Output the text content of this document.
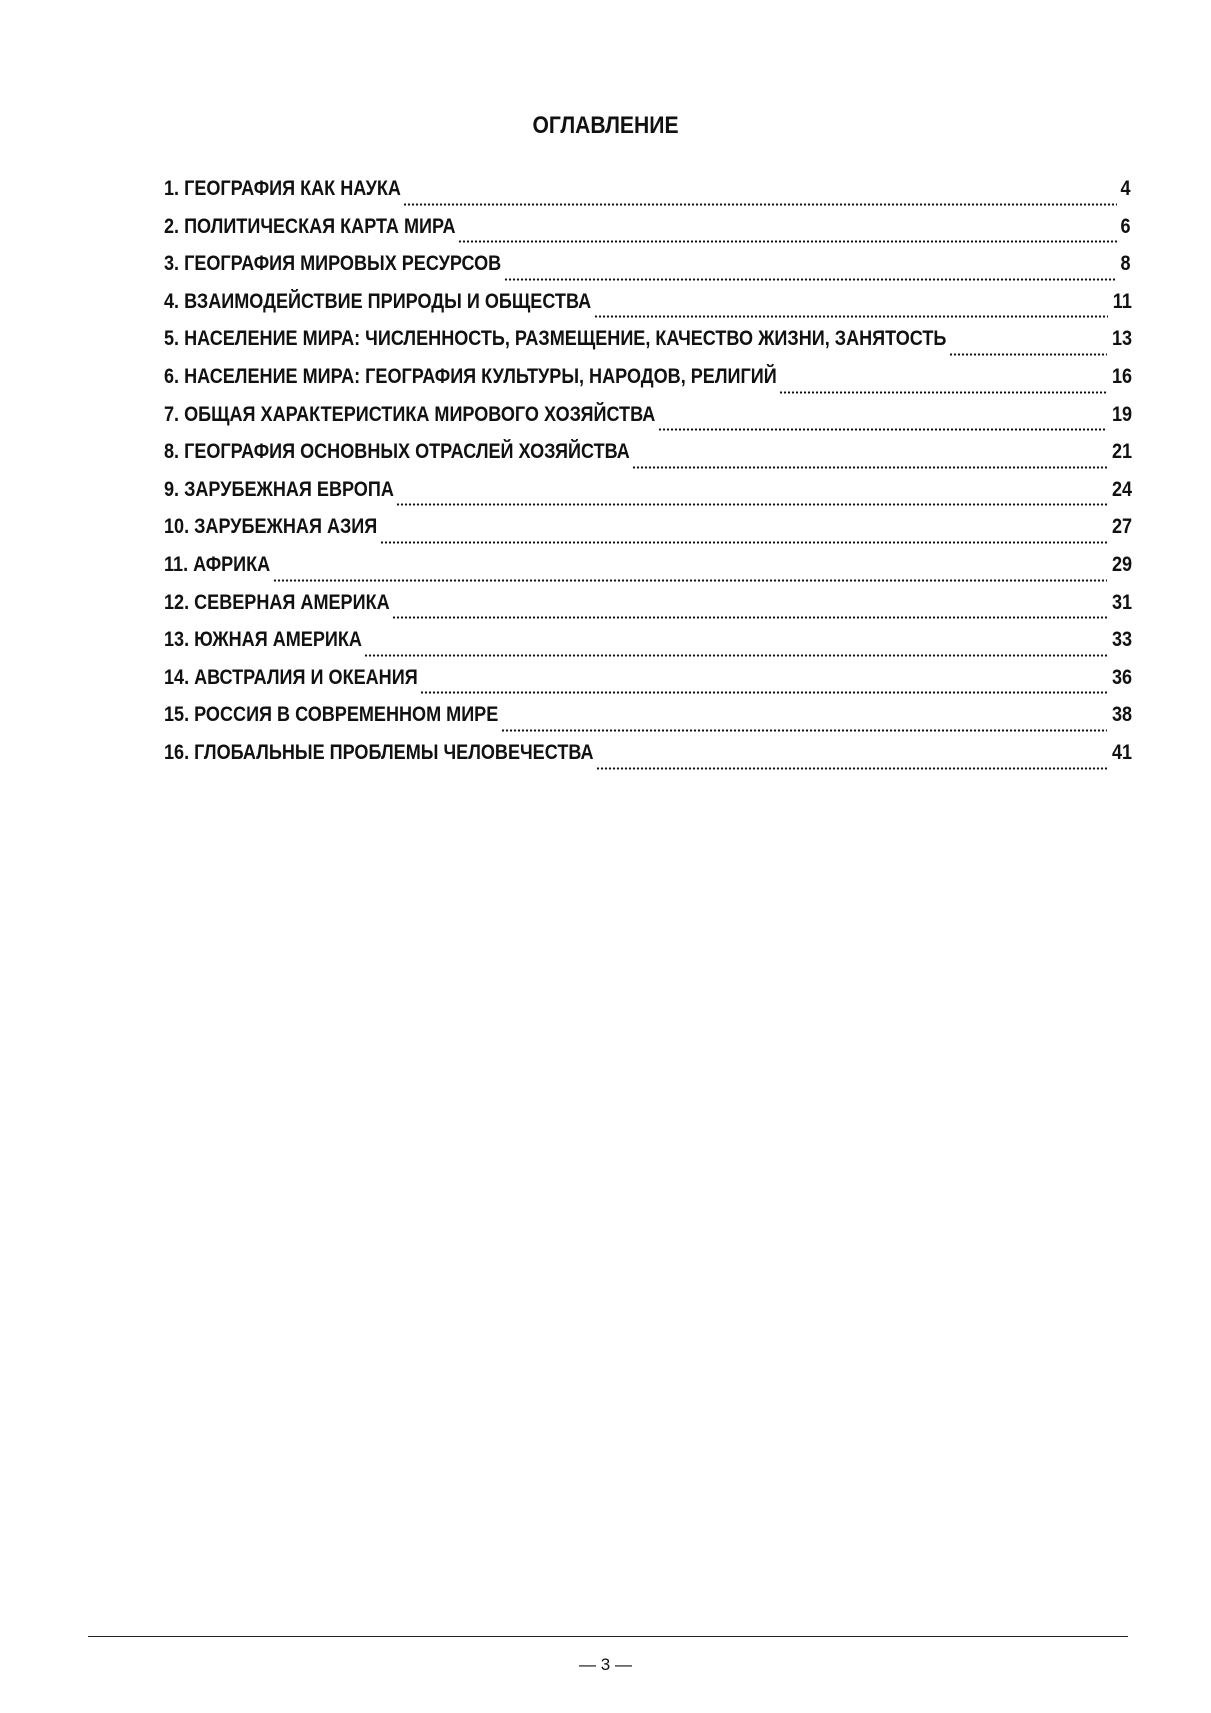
ОГЛАВЛЕНИЕ
1. ГЕОГРАФИЯ КАК НАУКА	4
2. ПОЛИТИЧЕСКАЯ КАРТА МИРА	6
3. ГЕОГРАФИЯ МИРОВЫХ РЕСУРСОВ	8
4. ВЗАИМОДЕЙСТВИЕ ПРИРОДЫ И ОБЩЕСТВА	11
5. НАСЕЛЕНИЕ МИРА: ЧИСЛЕННОСТЬ, РАЗМЕЩЕНИЕ, КАЧЕСТВО ЖИЗНИ, ЗАНЯТОСТЬ	13
6. НАСЕЛЕНИЕ МИРА: ГЕОГРАФИЯ КУЛЬТУРЫ, НАРОДОВ, РЕЛИГИЙ	16
7. ОБЩАЯ ХАРАКТЕРИСТИКА МИРОВОГО ХОЗЯЙСТВА	19
8. ГЕОГРАФИЯ ОСНОВНЫХ ОТРАСЛЕЙ ХОЗЯЙСТВА	21
9. ЗАРУБЕЖНАЯ ЕВРОПА	24
10. ЗАРУБЕЖНАЯ АЗИЯ	27
11. АФРИКА	29
12. СЕВЕРНАЯ АМЕРИКА	31
13. ЮЖНАЯ АМЕРИКА	33
14. АВСТРАЛИЯ И ОКЕАНИЯ	36
15. РОССИЯ В СОВРЕМЕННОМ МИРЕ	38
16. ГЛОБАЛЬНЫЕ ПРОБЛЕМЫ ЧЕЛОВЕЧЕСТВА	41
— 3 —
